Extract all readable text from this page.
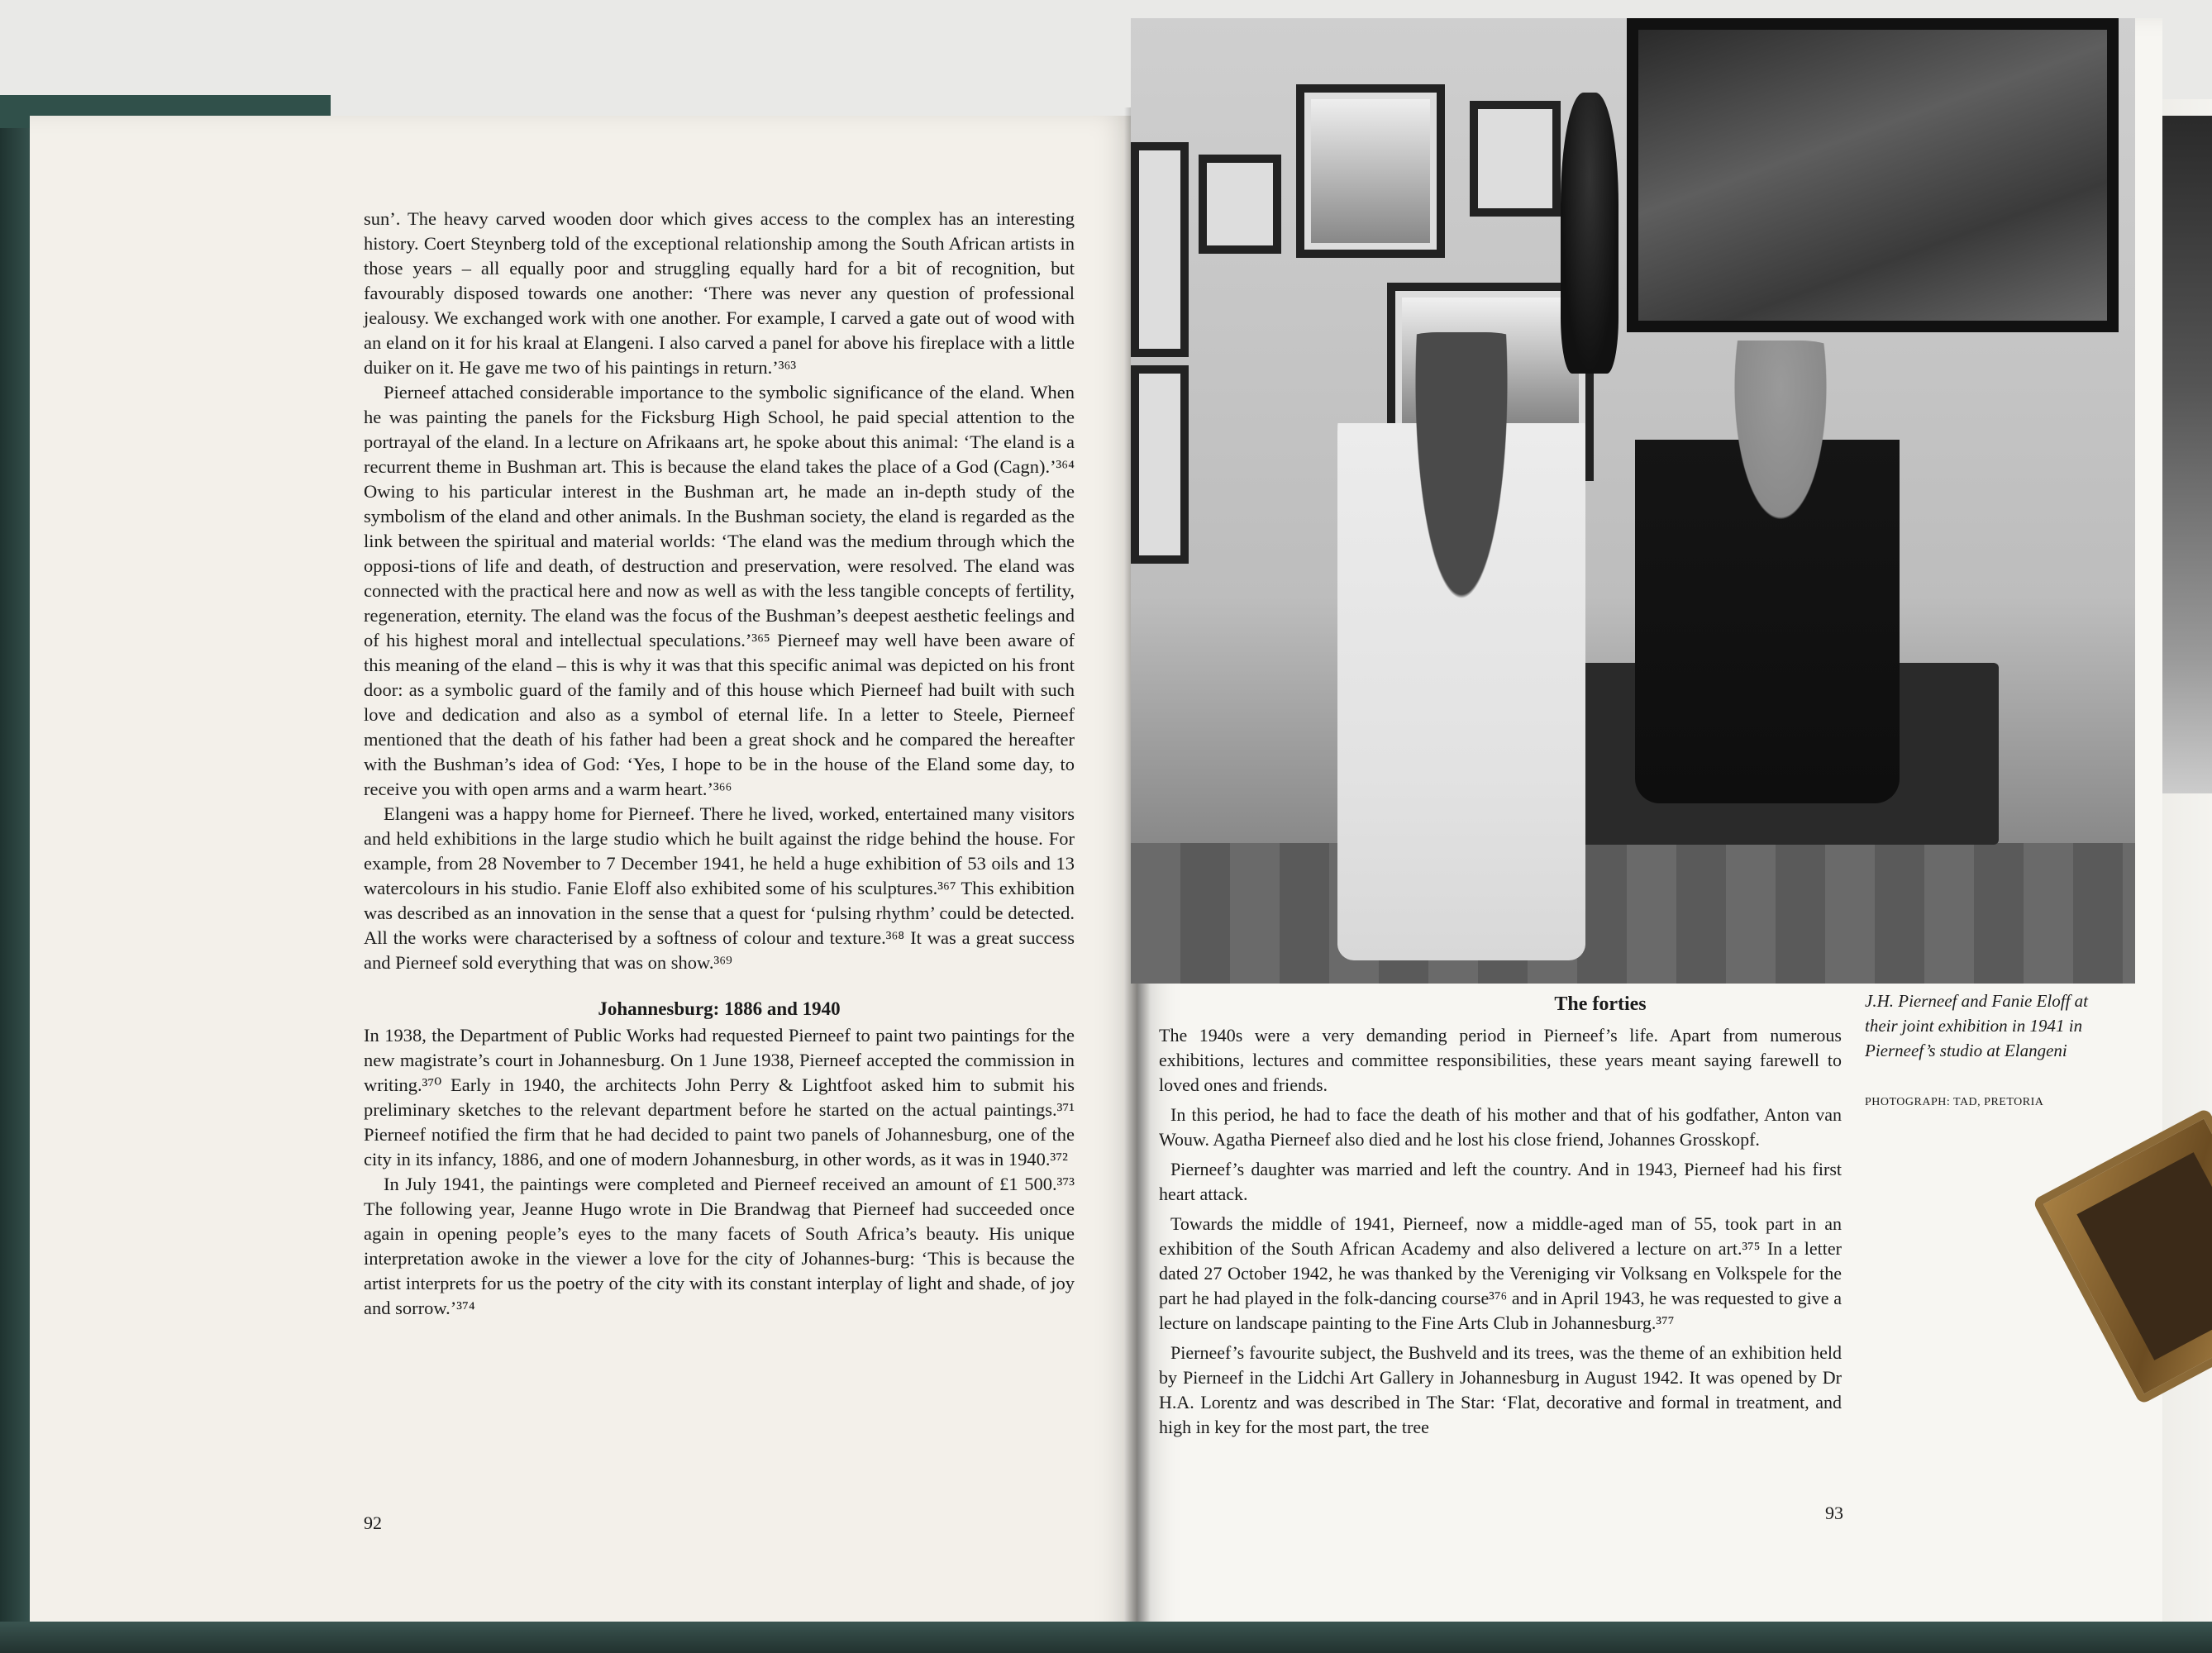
sun’. The heavy carved wooden door which gives access to the complex has an interesting history. Coert Steynberg told of the exceptional relationship among the South African artists in those years – all equally poor and struggling equally hard for a bit of recognition, but favourably disposed towards one another: ‘There was never any question of professional jealousy. We exchanged work with one another. For example, I carved a gate out of wood with an eland on it for his kraal at Elangeni. I also carved a panel for above his fireplace with a little duiker on it. He gave me two of his paintings in return.’³⁶³

Pierneef attached considerable importance to the symbolic significance of the eland. When he was painting the panels for the Ficksburg High School, he paid special attention to the portrayal of the eland. In a lecture on Afrikaans art, he spoke about this animal: ‘The eland is a recurrent theme in Bushman art. This is because the eland takes the place of a God (Cagn).’³⁶⁴ Owing to his particular interest in the Bushman art, he made an in-depth study of the symbolism of the eland and other animals. In the Bushman society, the eland is regarded as the link between the spiritual and material worlds: ‘The eland was the medium through which the opposi-tions of life and death, of destruction and preservation, were resolved. The eland was connected with the practical here and now as well as with the less tangible concepts of fertility, regeneration, eternity. The eland was the focus of the Bushman’s deepest aesthetic feelings and of his highest moral and intellectual speculations.’³⁶⁵ Pierneef may well have been aware of this meaning of the eland – this is why it was that this specific animal was depicted on his front door: as a symbolic guard of the family and of this house which Pierneef had built with such love and dedication and also as a symbol of eternal life. In a letter to Steele, Pierneef mentioned that the death of his father had been a great shock and he compared the hereafter with the Bushman’s idea of God: ‘Yes, I hope to be in the house of the Eland some day, to receive you with open arms and a warm heart.’³⁶⁶

Elangeni was a happy home for Pierneef. There he lived, worked, entertained many visitors and held exhibitions in the large studio which he built against the ridge behind the house. For example, from 28 November to 7 December 1941, he held a huge exhibition of 53 oils and 13 watercolours in his studio. Fanie Eloff also exhibited some of his sculptures.³⁶⁷ This exhibition was described as an innovation in the sense that a quest for ‘pulsing rhythm’ could be detected. All the works were characterised by a softness of colour and texture.³⁶⁸ It was a great success and Pierneef sold everything that was on show.³⁶⁹

Johannesburg: 1886 and 1940

In 1938, the Department of Public Works had requested Pierneef to paint two paintings for the new magistrate’s court in Johannesburg. On 1 June 1938, Pierneef accepted the commission in writing.³⁷⁰ Early in 1940, the architects John Perry & Lightfoot asked him to submit his preliminary sketches to the relevant department before he started on the actual paintings.³⁷¹ Pierneef notified the firm that he had decided to paint two panels of Johannesburg, one of the city in its infancy, 1886, and one of modern Johannesburg, in other words, as it was in 1940.³⁷²

In July 1941, the paintings were completed and Pierneef received an amount of £1 500.³⁷³ The following year, Jeanne Hugo wrote in Die Brandwag that Pierneef had succeeded once again in opening people’s eyes to the many facets of South Africa’s beauty. His unique interpretation awoke in the viewer a love for the city of Johannes-burg: ‘This is because the artist interprets for us the poetry of the city with its constant interplay of light and shade, of joy and sorrow.’³⁷⁴

92
The forties

The 1940s were a very demanding period in Pierneef’s life. Apart from numerous exhibitions, lectures and committee responsibilities, these years meant saying farewell to loved ones and friends.

In this period, he had to face the death of his mother and that of his godfather, Anton van Wouw. Agatha Pierneef also died and he lost his close friend, Johannes Grosskopf.

Pierneef’s daughter was married and left the country. And in 1943, Pierneef had his first heart attack.

Towards the middle of 1941, Pierneef, now a middle-aged man of 55, took part in an exhibition of the South African Academy and also delivered a lecture on art.³⁷⁵ In a letter dated 27 October 1942, he was thanked by the Vereniging vir Volksang en Volkspele for the part he had played in the folk-dancing course³⁷⁶ and in April 1943, he was requested to give a lecture on landscape painting to the Fine Arts Club in Johannesburg.³⁷⁷

Pierneef’s favourite subject, the Bushveld and its trees, was the theme of an exhibition held by Pierneef in the Lidchi Art Gallery in Johannesburg in August 1942. It was opened by Dr H.A. Lorentz and was described in The Star: ‘Flat, decorative and formal in treatment, and high in key for the most part, the tree

J.H. Pierneef and Fanie Eloff at their joint exhibition in 1941 in Pierneef’s studio at Elangeni
PHOTOGRAPH: TAD, PRETORIA
93
